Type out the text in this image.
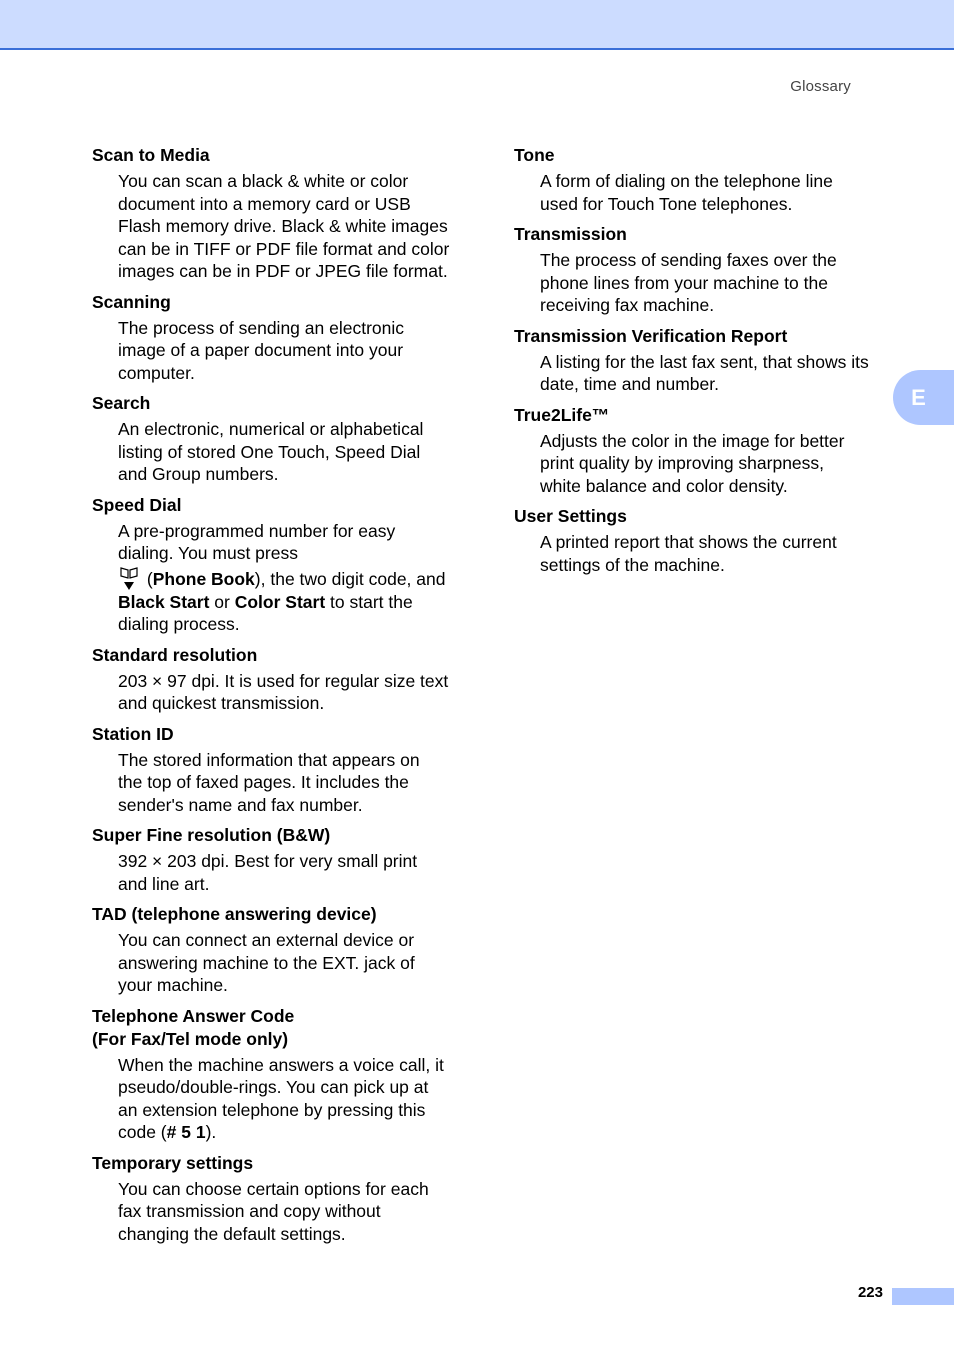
Glossary
E
Scan to Media
You can scan a black & white or color
document into a memory card or USB
Flash memory drive. Black & white images
can be in TIFF or PDF file format and color
images can be in PDF or JPEG file format.
Scanning
The process of sending an electronic
image of a paper document into your
computer.
Search
An electronic, numerical or alphabetical
listing of stored One Touch, Speed Dial
and Group numbers.
Speed Dial
A pre-programmed number for easy
dialing. You must press
(Phone Book), the two digit code, and
Black Start or Color Start to start the
dialing process.
Standard resolution
203 × 97 dpi. It is used for regular size text
and quickest transmission.
Station ID
The stored information that appears on
the top of faxed pages. It includes the
sender's name and fax number.
Super Fine resolution (B&W)
392 × 203 dpi. Best for very small print
and line art.
TAD (telephone answering device)
You can connect an external device or
answering machine to the EXT. jack of
your machine.
Telephone Answer Code
(For Fax/Tel mode only)
When the machine answers a voice call, it
pseudo/double-rings. You can pick up at
an extension telephone by pressing this
code (# 5 1).
Temporary settings
You can choose certain options for each
fax transmission and copy without
changing the default settings.
Tone
A form of dialing on the telephone line
used for Touch Tone telephones.
Transmission
The process of sending faxes over the
phone lines from your machine to the
receiving fax machine.
Transmission Verification Report
A listing for the last fax sent, that shows its
date, time and number.
True2Life™
Adjusts the color in the image for better
print quality by improving sharpness,
white balance and color density.
User Settings
A printed report that shows the current
settings of the machine.
223
